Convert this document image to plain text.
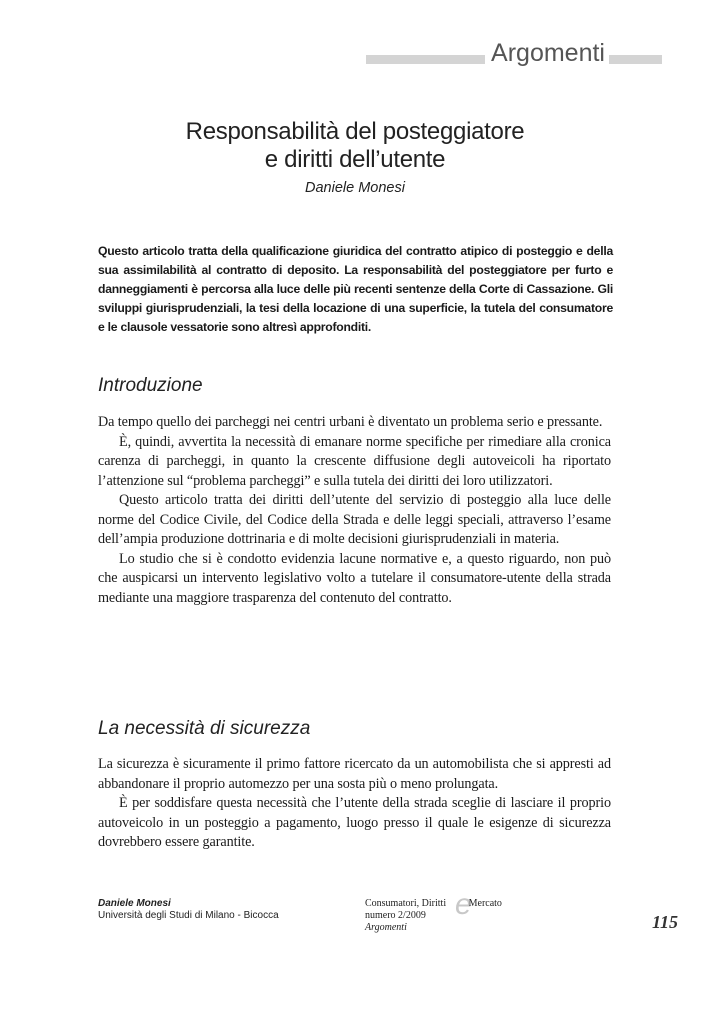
Argomenti
Responsabilità del posteggiatore
e diritti dell’utente
Daniele Monesi
Questo articolo tratta della qualificazione giuridica del contratto atipico di posteggio e della sua assimilabilità al contratto di deposito. La responsabilità del posteggiatore per furto e danneggiamenti è percorsa alla luce delle più recenti sentenze della Corte di Cassazione. Gli sviluppi giurisprudenziali, la tesi della locazione di una superficie, la tutela del consumatore e le clausole vessatorie sono altresì approfonditi.
Introduzione

Da tempo quello dei parcheggi nei centri urbani è diventato un problema serio e pressante.

È, quindi, avvertita la necessità di emanare norme specifiche per rimediare alla cronica carenza di parcheggi, in quanto la crescente diffusione degli autoveicoli ha riportato l’attenzione sul “problema parcheggi” e sulla tutela dei diritti dei loro utilizzatori.

Questo articolo tratta dei diritti dell’utente del servizio di posteggio alla luce delle norme del Codice Civile, del Codice della Strada e delle leggi speciali, attraverso l’esame dell’ampia produzione dottrinaria e di molte decisioni giurisprudenziali in materia.

Lo studio che si è condotto evidenzia lacune normative e, a questo riguardo, non può che auspicarsi un intervento legislativo volto a tutelare il consumatore-utente della strada mediante una maggiore trasparenza del contenuto del contratto.

La necessità di sicurezza

La sicurezza è sicuramente il primo fattore ricercato da un automobilista che si appresti ad abbandonare il proprio automezzo per una sosta più o meno prolungata.

È per soddisfare questa necessità che l’utente della strada sceglie di lasciare il proprio autoveicolo in un posteggio a pagamento, luogo presso il quale le esigenze di sicurezza dovrebbero essere garantite.

Daniele Monesi
Università degli Studi di Milano - Bicocca	e
Consumatori, Diritti Mercato
numero 2/2009
Argomenti	115
